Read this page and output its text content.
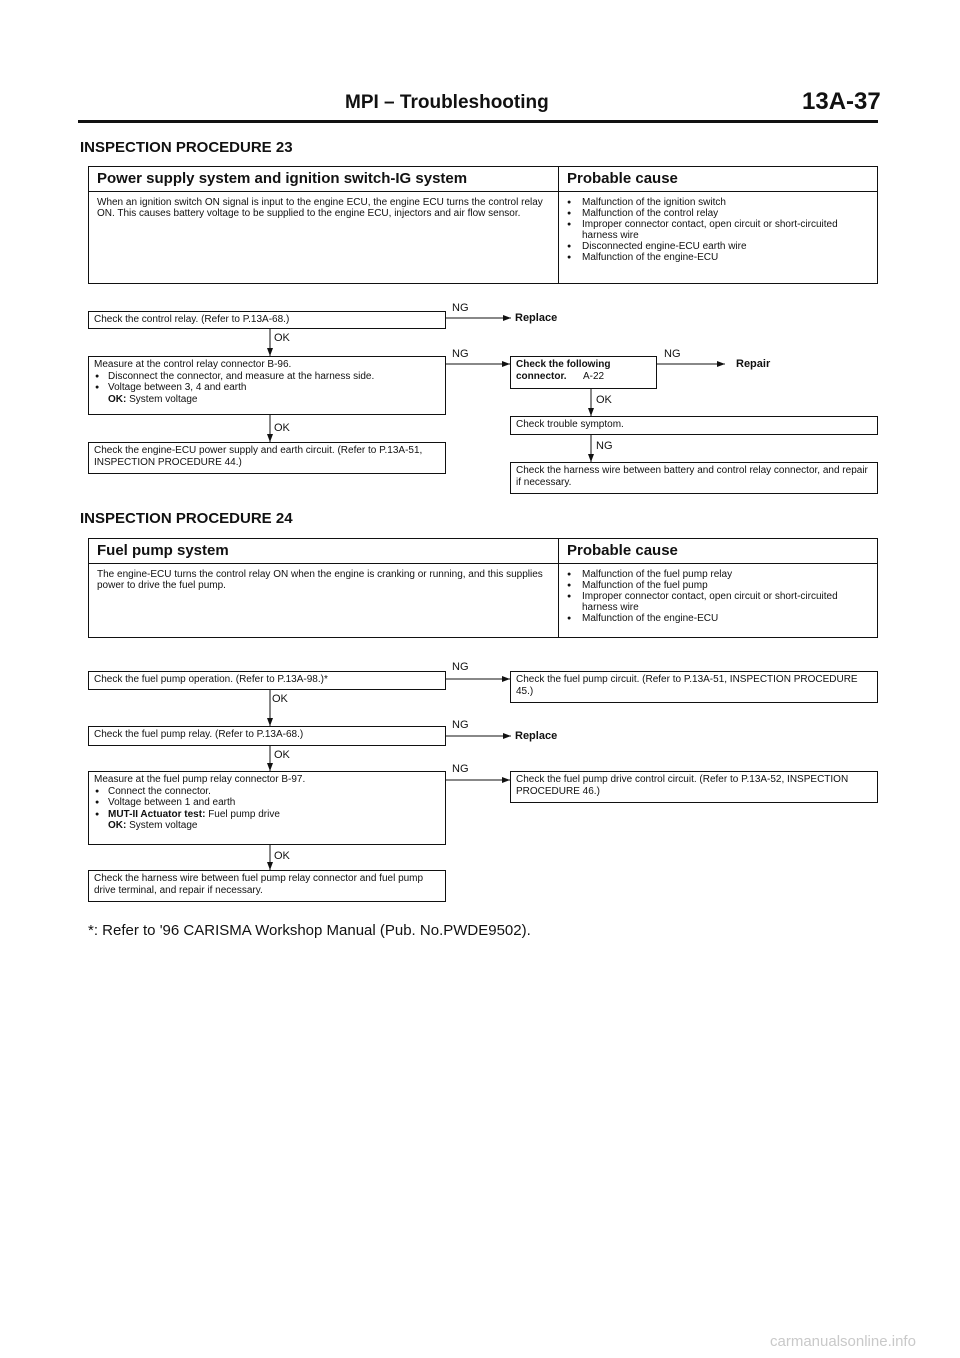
MPI – Troubleshooting	13A-37
INSPECTION PROCEDURE 23
Power supply system and ignition switch-IG system	Probable cause
When an ignition switch ON signal is input to the engine ECU, the engine ECU turns the control relay ON. This causes battery voltage to be supplied to the engine ECU, injectors and air flow sensor.
● Malfunction of the ignition switch
● Malfunction of the control relay
● Improper connector contact, open circuit or short-circuited harness wire
● Disconnected engine-ECU earth wire
● Malfunction of the engine-ECU
Check the control relay. (Refer to P.13A-68.)
NG
Replace
OK
Measure at the control relay connector B-96.
● Disconnect the connector, and measure at the harness side.
● Voltage between 3, 4 and earth
OK: System voltage
NG
Check the following connector.	A-22
NG
Repair
OK
Check trouble symptom.
NG
Check the harness wire between battery and control relay connector, and repair if necessary.
OK
Check the engine-ECU power supply and earth circuit. (Refer to P.13A-51, INSPECTION PROCEDURE 44.)
INSPECTION PROCEDURE 24
Fuel pump system	Probable cause
The engine-ECU turns the control relay ON when the engine is cranking or running, and this supplies power to drive the fuel pump.
● Malfunction of the fuel pump relay
● Malfunction of the fuel pump
● Improper connector contact, open circuit or short-circuited harness wire
● Malfunction of the engine-ECU
Check the fuel pump operation. (Refer to P.13A-98.)*
NG
Check the fuel pump circuit. (Refer to P.13A-51, INSPECTION PROCEDURE 45.)
OK
Check the fuel pump relay. (Refer to P.13A-68.)
NG
Replace
OK
Measure at the fuel pump relay connector B-97.
● Connect the connector.
● Voltage between 1 and earth
● MUT-II Actuator test: Fuel pump drive
OK: System voltage
NG
Check the fuel pump drive control circuit. (Refer to P.13A-52, INSPECTION PROCEDURE 46.)
OK
Check the harness wire between fuel pump relay connector and fuel pump drive terminal, and repair if necessary.
*: Refer to '96 CARISMA Workshop Manual (Pub. No.PWDE9502).
carmanualsonline.info
